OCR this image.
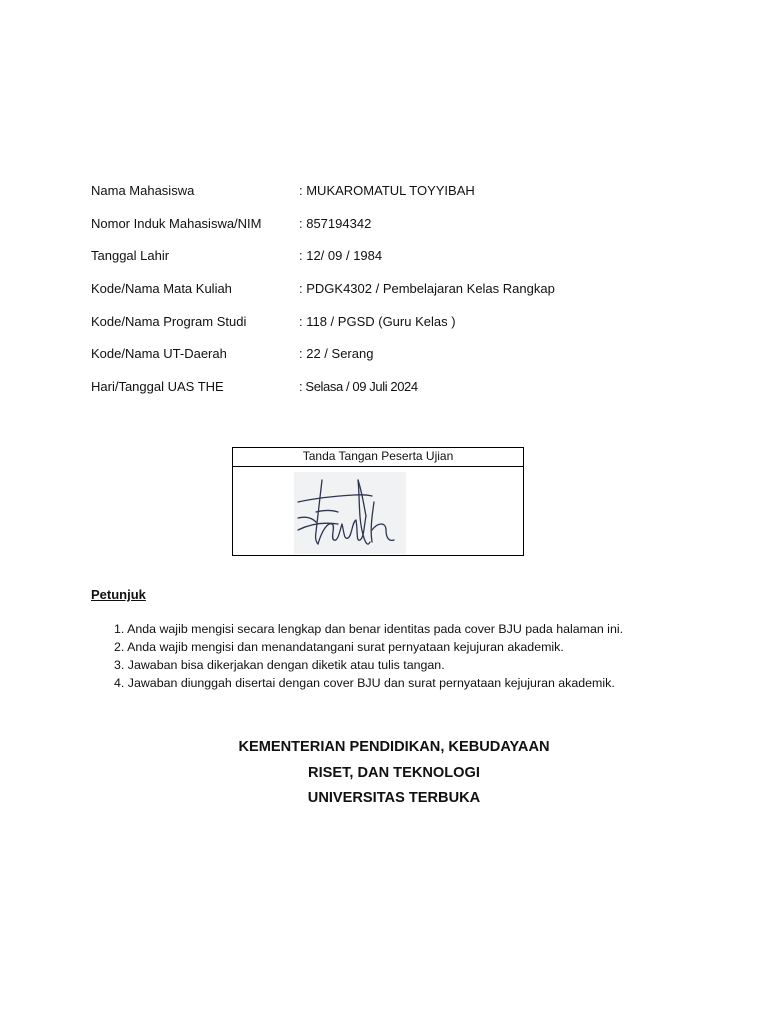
Nama Mahasiswa	: MUKAROMATUL TOYYIBAH
Nomor Induk Mahasiswa/NIM	: 857194342
Tanggal Lahir	: 12/ 09 / 1984
Kode/Nama Mata Kuliah	: PDGK4302 / Pembelajaran Kelas Rangkap
Kode/Nama Program Studi	: 118 / PGSD (Guru Kelas )
Kode/Nama UT-Daerah	: 22 / Serang
Hari/Tanggal UAS THE	: Selasa / 09 Juli 2024
Tanda Tangan Peserta Ujian
Petunjuk
1. Anda wajib mengisi secara lengkap dan benar identitas pada cover BJU pada halaman ini.
2. Anda wajib mengisi dan menandatangani surat pernyataan kejujuran akademik.
3. Jawaban bisa dikerjakan dengan diketik atau tulis tangan.
4. Jawaban diunggah disertai dengan cover BJU dan surat pernyataan kejujuran akademik.
KEMENTERIAN PENDIDIKAN, KEBUDAYAAN
RISET, DAN TEKNOLOGI
UNIVERSITAS TERBUKA
